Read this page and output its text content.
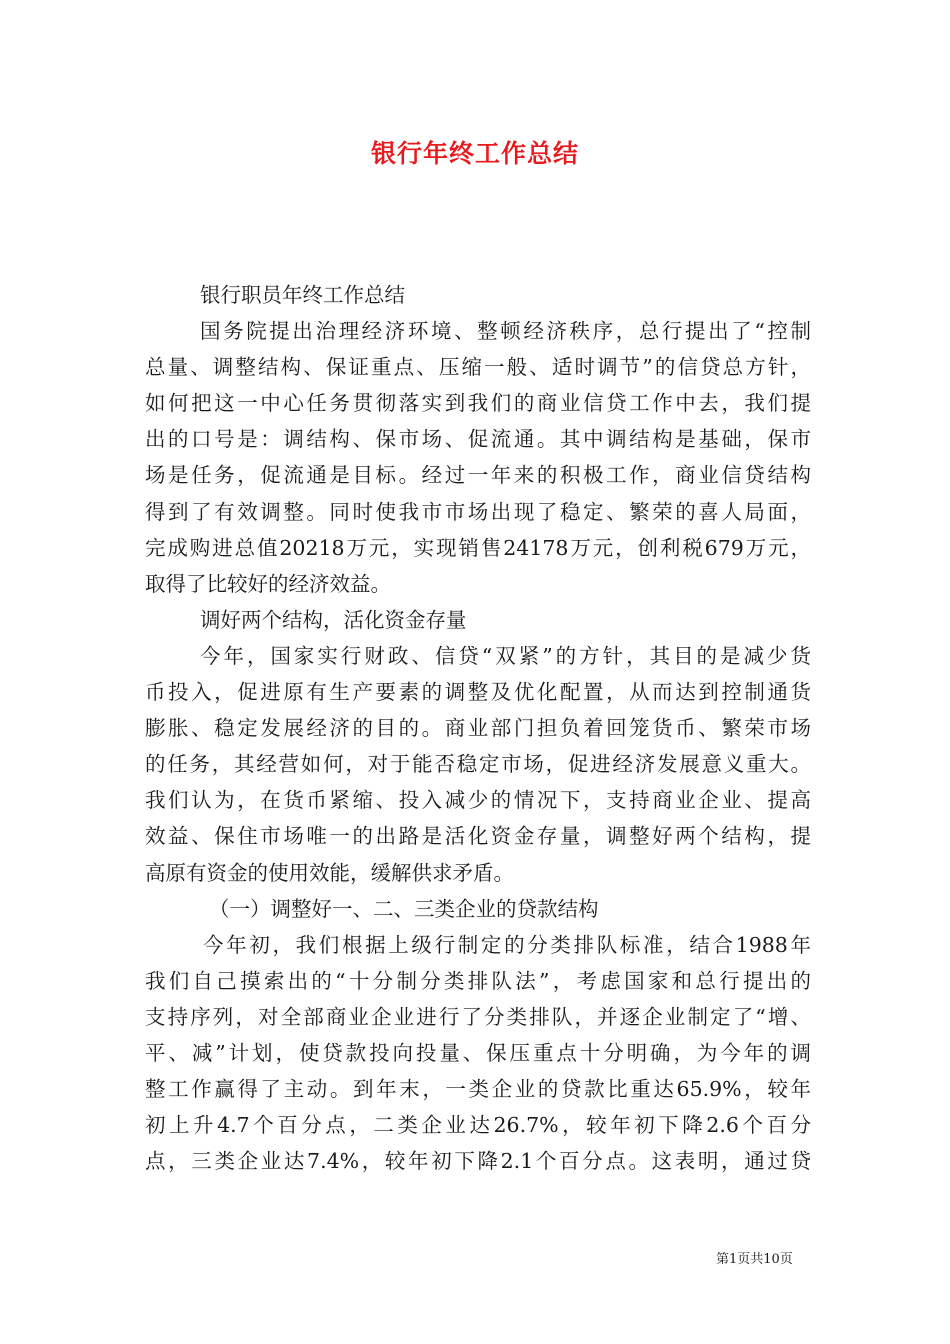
银行年终工作总结
银行职员年终工作总结
国务院提出治理经济环境、整顿经济秩序，总行提出了“控制
总量、调整结构、保证重点、压缩一般、适时调节”的信贷总方针，
如何把这一中心任务贯彻落实到我们的商业信贷工作中去，我们提
出的口号是：调结构、保市场、促流通。其中调结构是基础，保市
场是任务，促流通是目标。经过一年来的积极工作，商业信贷结构
得到了有效调整。同时使我市市场出现了稳定、繁荣的喜人局面，
完成购进总值20218万元，实现销售24178万元，创利税679万元，
取得了比较好的经济效益。
调好两个结构，活化资金存量
今年，国家实行财政、信贷“双紧”的方针，其目的是减少货
币投入，促进原有生产要素的调整及优化配置，从而达到控制通货
膨胀、稳定发展经济的目的。商业部门担负着回笼货币、繁荣市场
的任务，其经营如何，对于能否稳定市场，促进经济发展意义重大。
我们认为，在货币紧缩、投入减少的情况下，支持商业企业、提高
效益、保住市场唯一的出路是活化资金存量，调整好两个结构，提
高原有资金的使用效能，缓解供求矛盾。
（一）调整好一、二、三类企业的贷款结构
今年初，我们根据上级行制定的分类排队标准，结合1988年
我们自己摸索出的“十分制分类排队法”，考虑国家和总行提出的
支持序列，对全部商业企业进行了分类排队，并逐企业制定了“增、
平、减”计划，使贷款投向投量、保压重点十分明确，为今年的调
整工作赢得了主动。到年末，一类企业的贷款比重达65.9%，较年
初上升4.7个百分点，二类企业达26.7%，较年初下降2.6个百分
点，三类企业达7.4%，较年初下降2.1个百分点。这表明，通过贷
第1页共10页
